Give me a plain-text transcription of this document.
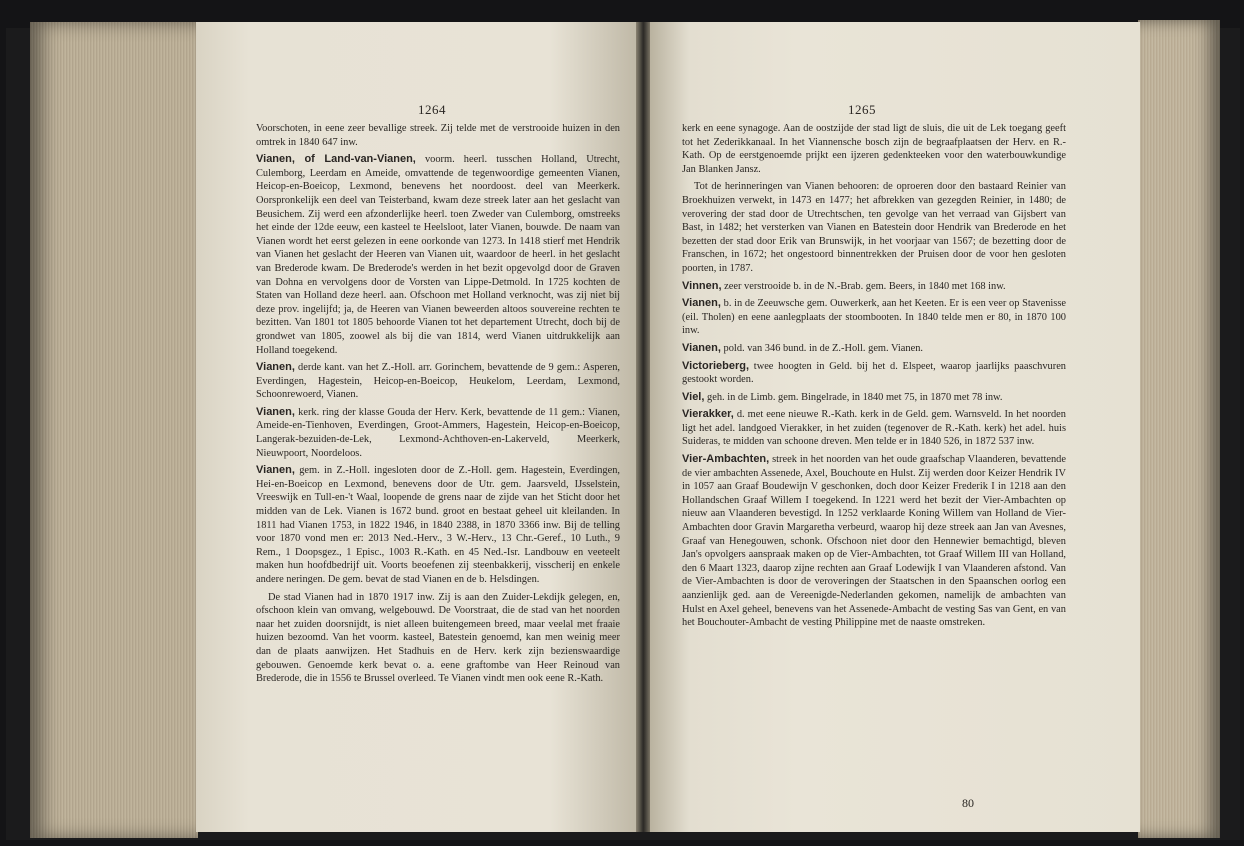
1264

Voorschoten, in eene zeer bevallige streek. Zij telde met de verstrooide huizen in den omtrek in 1840 647 inw.

Vianen, of Land-van-Vianen, voorm. heerl. tusschen Holland, Utrecht, Culemborg, Leerdam en Ameide, omvattende de tegenwoordige gemeenten Vianen, Heicop-en-Boeicop, Lexmond, benevens het noordoost. deel van Meerkerk. Oorspronkelijk een deel van Teisterband, kwam deze streek later aan het geslacht van Beusichem. Zij werd een afzonderlijke heerl. toen Zweder van Culemborg, omstreeks het einde der 12de eeuw, een kasteel te Heelsloot, later Vianen, bouwde. De naam van Vianen wordt het eerst gelezen in eene oorkonde van 1273. In 1418 stierf met Hendrik van Vianen het geslacht der Heeren van Vianen uit, waardoor de heerl. in het geslacht van Brederode kwam. De Brederode's werden in het bezit opgevolgd door de Graven van Dohna en vervolgens door de Vorsten van Lippe-Detmold. In 1725 kochten de Staten van Holland deze heerl. aan. Ofschoon met Holland verknocht, was zij niet bij deze prov. ingelijfd; ja, de Heeren van Vianen beweerden altoos souvereine rechten te bezitten. Van 1801 tot 1805 behoorde Vianen tot het departement Utrecht, doch bij de grondwet van 1805, zoowel als bij die van 1814, werd Vianen uitdrukkelijk aan Holland toegekend.

Vianen, derde kant. van het Z.-Holl. arr. Gorinchem, bevattende de 9 gem.: Asperen, Everdingen, Hagestein, Heicop-en-Boeicop, Heukelom, Leerdam, Lexmond, Schoonrewoerd, Vianen.

Vianen, kerk. ring der klasse Gouda der Herv. Kerk, bevattende de 11 gem.: Vianen, Ameide-en-Tienhoven, Everdingen, Groot-Ammers, Hagestein, Heicop-en-Boeicop, Langerak-bezuiden-de-Lek, Lexmond-Achthoven-en-Lakerveld, Meerkerk, Nieuwpoort, Noordeloos.

Vianen, gem. in Z.-Holl. ingesloten door de Z.-Holl. gem. Hagestein, Everdingen, Hei-en-Boeicop en Lexmond, benevens door de Utr. gem. Jaarsveld, IJsselstein, Vreeswijk en Tull-en-'t Waal, loopende de grens naar de zijde van het Sticht door het midden van de Lek. Vianen is 1672 bund. groot en bestaat geheel uit kleilanden. In 1811 had Vianen 1753, in 1822 1946, in 1840 2388, in 1870 3366 inw. Bij de telling voor 1870 vond men er: 2013 Ned.-Herv., 3 W.-Herv., 13 Chr.-Geref., 10 Luth., 9 Rem., 1 Doopsgez., 1 Episc., 1003 R.-Kath. en 45 Ned.-Isr. Landbouw en veeteelt maken hun hoofdbedrijf uit. Voorts beoefenen zij steenbakkerij, visscherij en enkele andere neringen. De gem. bevat de stad Vianen en de b. Helsdingen.

De stad Vianen had in 1870 1917 inw. Zij is aan den Zuider-Lekdijk gelegen, en, ofschoon klein van omvang, welgebouwd. De Voorstraat, die de stad van het noorden naar het zuiden doorsnijdt, is niet alleen buitengemeen breed, maar veelal met fraaie huizen bezoomd. Van het voorm. kasteel, Batestein genoemd, kan men weinig meer dan de plaats aanwijzen. Het Stadhuis en de Herv. kerk zijn bezienswaardige gebouwen. Genoemde kerk bevat o. a. eene graftombe van Heer Reinoud van Brederode, die in 1556 te Brussel overleed. Te Vianen vindt men ook eene R.-Kath.

1265

kerk en eene synagoge. Aan de oostzijde der stad ligt de sluis, die uit de Lek toegang geeft tot het Zederikkanaal. In het Viannensche bosch zijn de begraafplaatsen der Herv. en R.-Kath. Op de eerstgenoemde prijkt een ijzeren gedenkteeken voor den waterbouwkundige Jan Blanken Jansz.

Tot de herinneringen van Vianen behooren: de oproeren door den bastaard Reinier van Broekhuizen verwekt, in 1473 en 1477; het afbrekken van gezegden Reinier, in 1480; de verovering der stad door de Utrechtschen, ten gevolge van het verraad van Gijsbert van Bast, in 1482; het versterken van Vianen en Batestein door Hendrik van Brederode en het bezetten der stad door Erik van Brunswijk, in het voorjaar van 1567; de bezetting door de Franschen, in 1672; het ongestoord binnentrekken der Pruisen door de voor hen gesloten poorten, in 1787.

Vinnen, zeer verstrooide b. in de N.-Brab. gem. Beers, in 1840 met 168 inw.

Vianen, b. in de Zeeuwsche gem. Ouwerkerk, aan het Keeten. Er is een veer op Stavenisse (eil. Tholen) en eene aanlegplaats der stoombooten. In 1840 telde men er 80, in 1870 100 inw.

Vianen, pold. van 346 bund. in de Z.-Holl. gem. Vianen.

Victorieberg, twee hoogten in Geld. bij het d. Elspeet, waarop jaarlijks paaschvuren gestookt worden.

Viel, geh. in de Limb. gem. Bingelrade, in 1840 met 75, in 1870 met 78 inw.

Vierakker, d. met eene nieuwe R.-Kath. kerk in de Geld. gem. Warnsveld. In het noorden ligt het adel. landgoed Vierakker, in het zuiden (tegenover de R.-Kath. kerk) het adel. huis Suideras, te midden van schoone dreven. Men telde er in 1840 526, in 1872 537 inw.

Vier-Ambachten, streek in het noorden van het oude graafschap Vlaanderen, bevattende de vier ambachten Assenede, Axel, Bouchoute en Hulst. Zij werden door Keizer Hendrik IV in 1057 aan Graaf Boudewijn V geschonken, doch door Keizer Frederik I in 1218 aan den Hollandschen Graaf Willem I toegekend. In 1221 werd het bezit der Vier-Ambachten op nieuw aan Vlaanderen bevestigd. In 1252 verklaarde Koning Willem van Holland de Vier-Ambachten door Gravin Margaretha verbeurd, waarop hij deze streek aan Jan van Avesnes, Graaf van Henegouwen, schonk. Ofschoon niet door den Hennewier bemachtigd, bleven Jan's opvolgers aanspraak maken op de Vier-Ambachten, tot Graaf Willem III van Holland, den 6 Maart 1323, daarop zijne rechten aan Graaf Lodewijk I van Vlaanderen afstond. Van de Vier-Ambachten is door de veroveringen der Staatschen in den Spaanschen oorlog een aanzienlijk ged. aan de Vereenigde-Nederlanden gekomen, namelijk de ambachten van Hulst en Axel geheel, benevens van het Assenede-Ambacht de vesting Sas van Gent, en van het Bouchouter-Ambacht de vesting Philippine met de naaste omstreken.

80
